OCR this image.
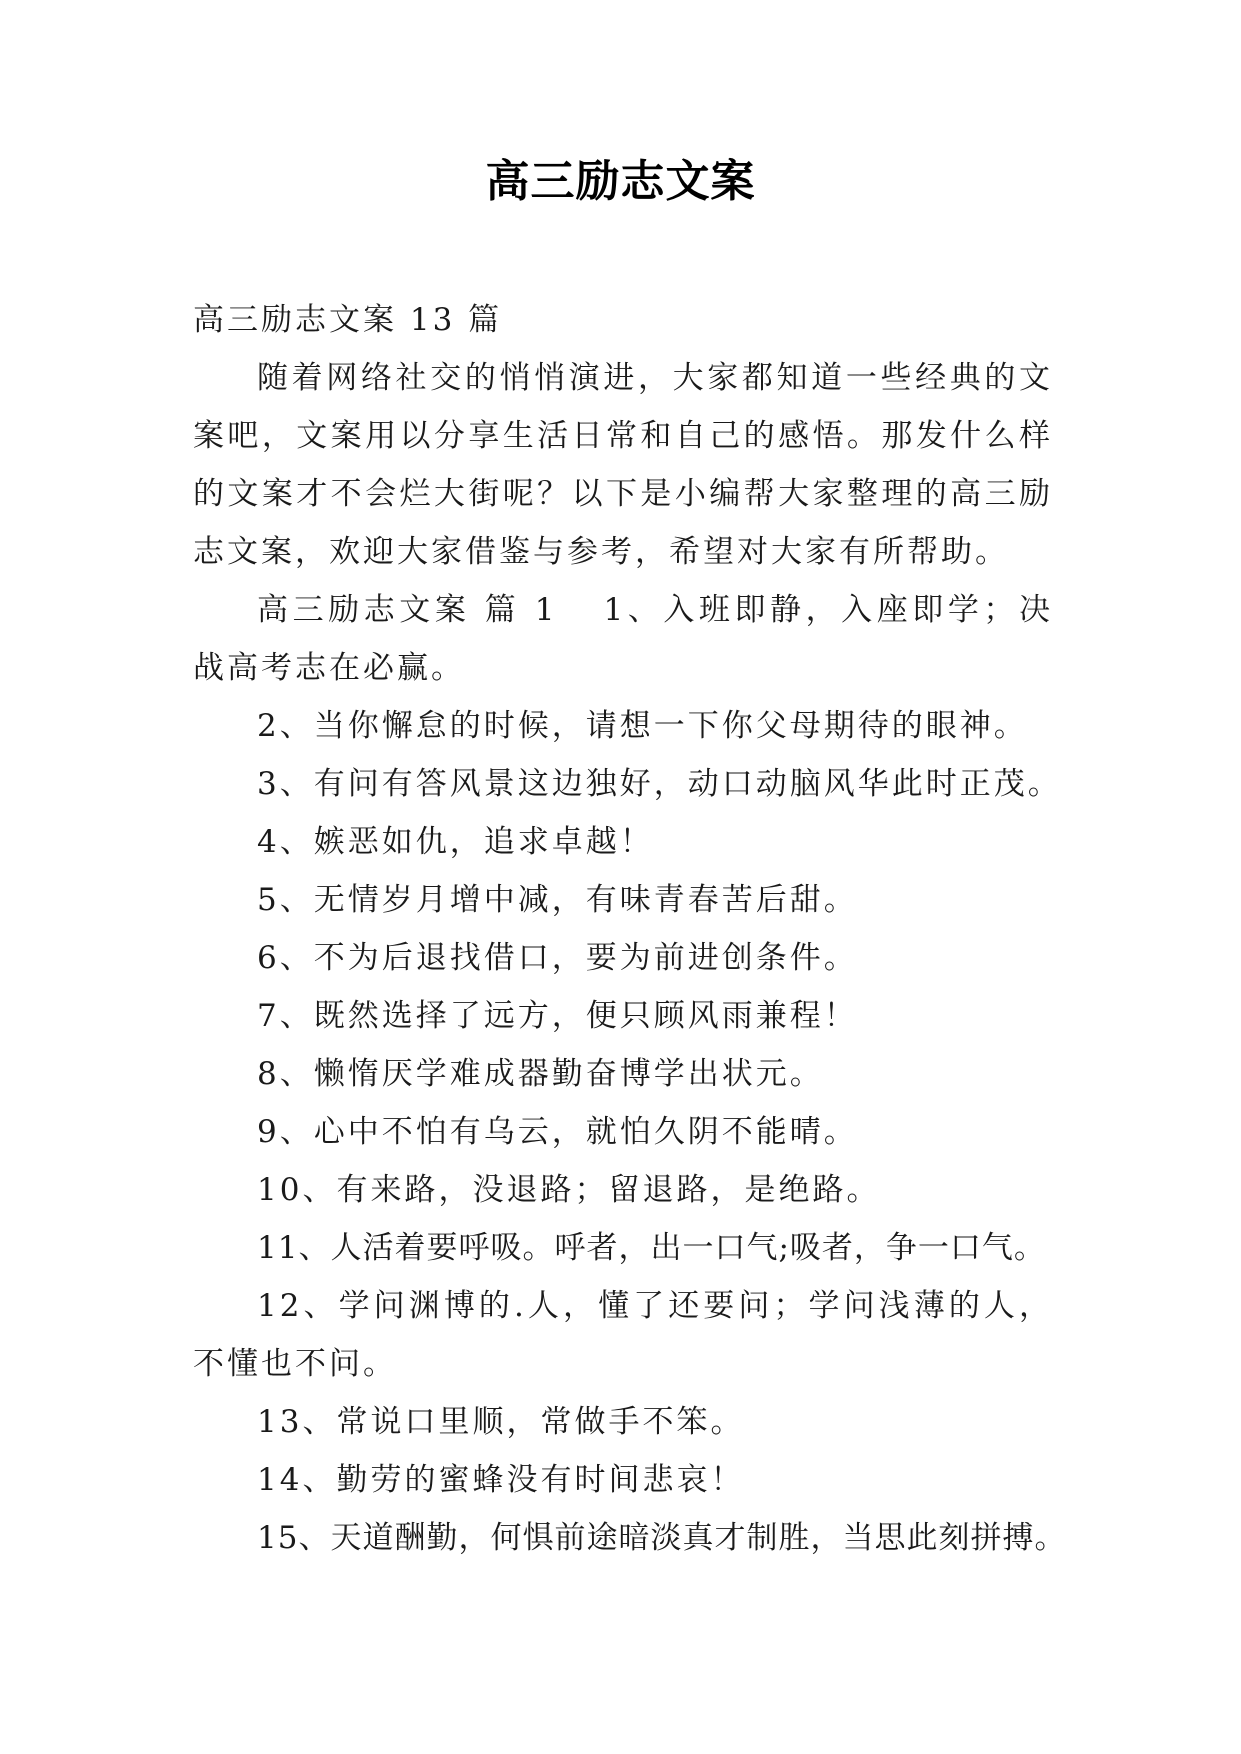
高三励志文案

高三励志文案 13 篇

随着网络社交的悄悄演进，大家都知道一些经典的文案吧，文案用以分享生活日常和自己的感悟。那发什么样的文案才不会烂大街呢？以下是小编帮大家整理的高三励志文案，欢迎大家借鉴与参考，希望对大家有所帮助。

高三励志文案 篇 1 1、入班即静，入座即学；决战高考志在必赢。

2、当你懈怠的时候，请想一下你父母期待的眼神。

3、有问有答风景这边独好，动口动脑风华此时正茂。

4、嫉恶如仇，追求卓越！

5、无情岁月增中减，有味青春苦后甜。

6、不为后退找借口，要为前进创条件。

7、既然选择了远方，便只顾风雨兼程！

8、懒惰厌学难成器勤奋博学出状元。

9、心中不怕有乌云，就怕久阴不能晴。

10、有来路，没退路；留退路，是绝路。

11、人活着要呼吸。呼者，出一口气;吸者，争一口气。

12、学问渊博的.人，懂了还要问；学问浅薄的人，不懂也不问。

13、常说口里顺，常做手不笨。

14、勤劳的蜜蜂没有时间悲哀！

15、天道酬勤，何惧前途暗淡真才制胜，当思此刻拼搏。
